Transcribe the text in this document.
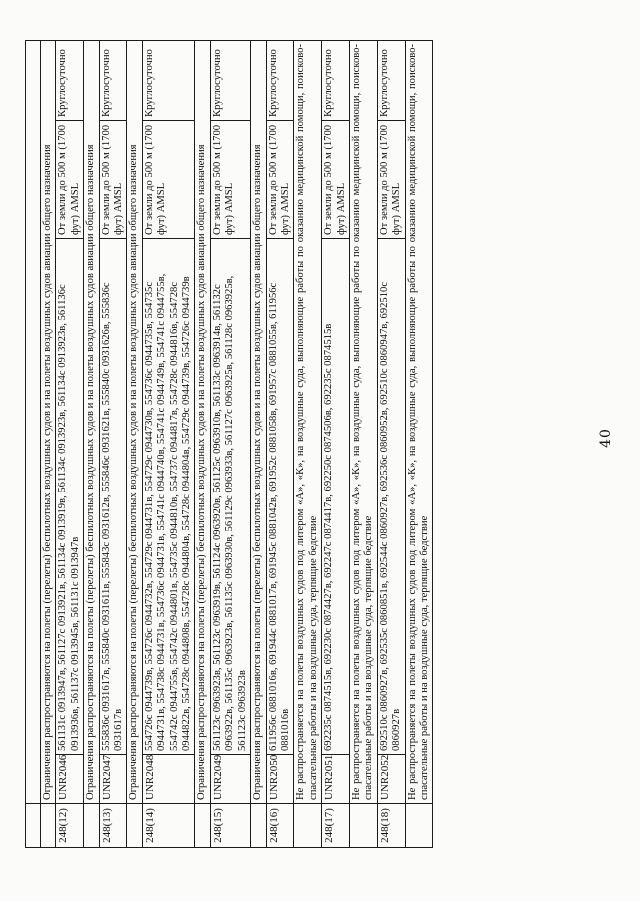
40

	Ограничения распространяются на полеты (перелеты) беспилотных воздушных судов и на полеты воздушных судов авиации общего назначения			
248(12)	UNR2046	561131с 0913947в, 561127с 0913921в, 561134с 0913919в, 561134с 0913923в, 561134с 0913923в, 561136с 0913936в, 561137с 0913945в, 561131с 0913947в	От земли до 500 м (1700 фут) AMSL	Круглосуточно
	Ограничения распространяются на полеты (перелеты) беспилотных воздушных судов и на полеты воздушных судов авиации общего назначения			
248(13)	UNR2047	555836с 0931617в, 555840с 0931611в, 555843с 0931612в, 555846с 0931621в, 555840с 0931626в, 555836с 0931617в	От земли до 500 м (1700 фут) AMSL	Круглосуточно
	Ограничения распространяются на полеты (перелеты) беспилотных воздушных судов и на полеты воздушных судов авиации общего назначения			
248(14)	UNR2048	554726с 0944739в, 554726с 0944732в, 554729с 0944731в, 554729с 0944730в, 554736с 0944735в, 554735с 0944731в, 554738с 0944731в, 554736с 0944731в, 554741с 0944740в, 554741с 0944749в, 554741с 0944755в, 554742с 0944755в, 554742с 0944801в, 554735с 0944810в, 554737с 0944817в, 554728с 0944816в, 554728с 0944822в, 554728с 0944808в, 554728с 0944804в, 554728с 0944804в, 554729с 0944739в, 554726с 0944739в	От земли до 500 м (1700 фут) AMSL	Круглосуточно
	Ограничения распространяются на полеты (перелеты) беспилотных воздушных судов и на полеты воздушных судов авиации общего назначения			
248(15)	UNR2049	561123с 0963923в, 561123с 0963919в, 561124с 0963920в, 561125с 0963910в, 561133с 0963914в, 561132с 0963922в, 561135с 0963923в, 561135с 0963930в, 561129с 0963933в, 561127с 0963925в, 561128с 0963925в, 561123с 0963923в	От земли до 500 м (1700 фут) AMSL	Круглосуточно
	Ограничения распространяются на полеты (перелеты) беспилотных воздушных судов и на полеты воздушных судов авиации общего назначения			
248(16)	UNR2050	611956с 0881016в, 691944с 0881017в, 691945с 0881042в, 691952с 0881058в, 691957с 0881055в, 611956с 0881016в	От земли до 500 м (1700 фут) AMSL	Круглосуточно
	Не распространяется на полеты воздушных судов под литером «А», «К», на воздушные суда, выполняющие работы по оказанию медицинской помощи, поисково-спасательные работы и на воздушные суда, терпящие бедствие			
248(17)	UNR2051	692235с 0874515в, 692230с 0874427в, 692247с 0874417в, 692250с 0874506в, 692235с 0874515в	От земли до 500 м (1700 фут) AMSL	Круглосуточно
	Не распространяется на полеты воздушных судов под литером «А», «К», на воздушные суда, выполняющие работы по оказанию медицинской помощи, поисково-спасательные работы и на воздушные суда, терпящие бедствие			
248(18)	UNR2052	692510с 0860927в, 692535с 0860851в, 692544с 0860927в, 692536с 0860952в, 692510с 0860947в, 692510с 0860927в	От земли до 500 м (1700 фут) AMSL	Круглосуточно
	Не распространяется на полеты воздушных судов под литером «А», «К», на воздушные суда, выполняющие работы по оказанию медицинской помощи, поисково-спасательные работы и на воздушные суда, терпящие бедствие			
